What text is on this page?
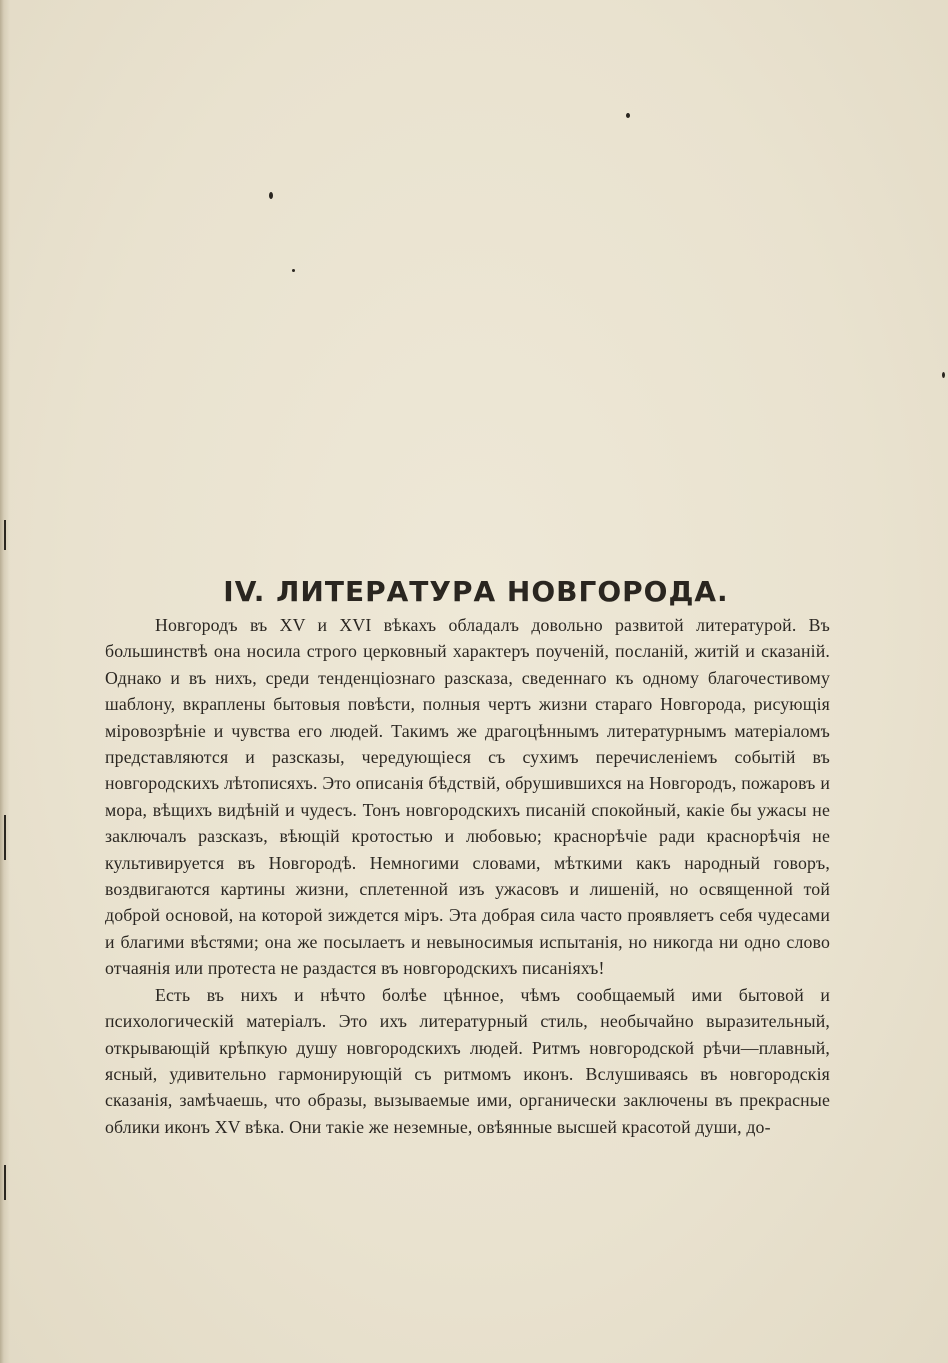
IV. ЛИТЕРАТУРА НОВГОРОДА.

Новгородъ въ XV и XVI вѣкахъ обладалъ довольно развитой литературой. Въ большинствѣ она носила строго церковный характеръ поученій, посланій, житій и сказаній. Однако и въ нихъ, среди тенденціознаго разсказа, сведеннаго къ одному благочестивому шаблону, вкраплены бытовыя повѣсти, полныя чертъ жизни стараго Новгорода, рисующія міровозрѣніе и чувства его людей. Такимъ же драгоцѣннымъ литературнымъ матеріаломъ представляются и разсказы, чередующіеся съ сухимъ перечисленіемъ событій въ новгородскихъ лѣтописяхъ. Это описанія бѣдствій, обрушившихся на Новгородъ, пожаровъ и мора, вѣщихъ видѣній и чудесъ. Тонъ новгородскихъ писаній спокойный, какіе бы ужасы не заключалъ разсказъ, вѣющій кротостью и любовью; краснорѣчіе ради краснорѣчія не культивируется въ Новгородѣ. Немногими словами, мѣткими какъ народный говоръ, воздвигаются картины жизни, сплетенной изъ ужасовъ и лишеній, но освященной той доброй основой, на которой зиждется міръ. Эта добрая сила часто проявляетъ себя чудесами и благими вѣстями; она же посылаетъ и невыносимыя испытанія, но никогда ни одно слово отчаянія или протеста не раздастся въ новгородскихъ писаніяхъ!

Есть въ нихъ и нѣчто болѣе цѣнное, чѣмъ сообщаемый ими бытовой и психологическій матеріалъ. Это ихъ литературный стиль, необычайно выразительный, открывающій крѣпкую душу новгородскихъ людей. Ритмъ новгородской рѣчи—плавный, ясный, удивительно гармонирующій съ ритмомъ иконъ. Вслушиваясь въ новгородскія сказанія, замѣчаешь, что образы, вызываемые ими, органически заключены въ прекрасные облики иконъ XV вѣка. Они такіе же неземные, овѣянные высшей красотой души, до-
